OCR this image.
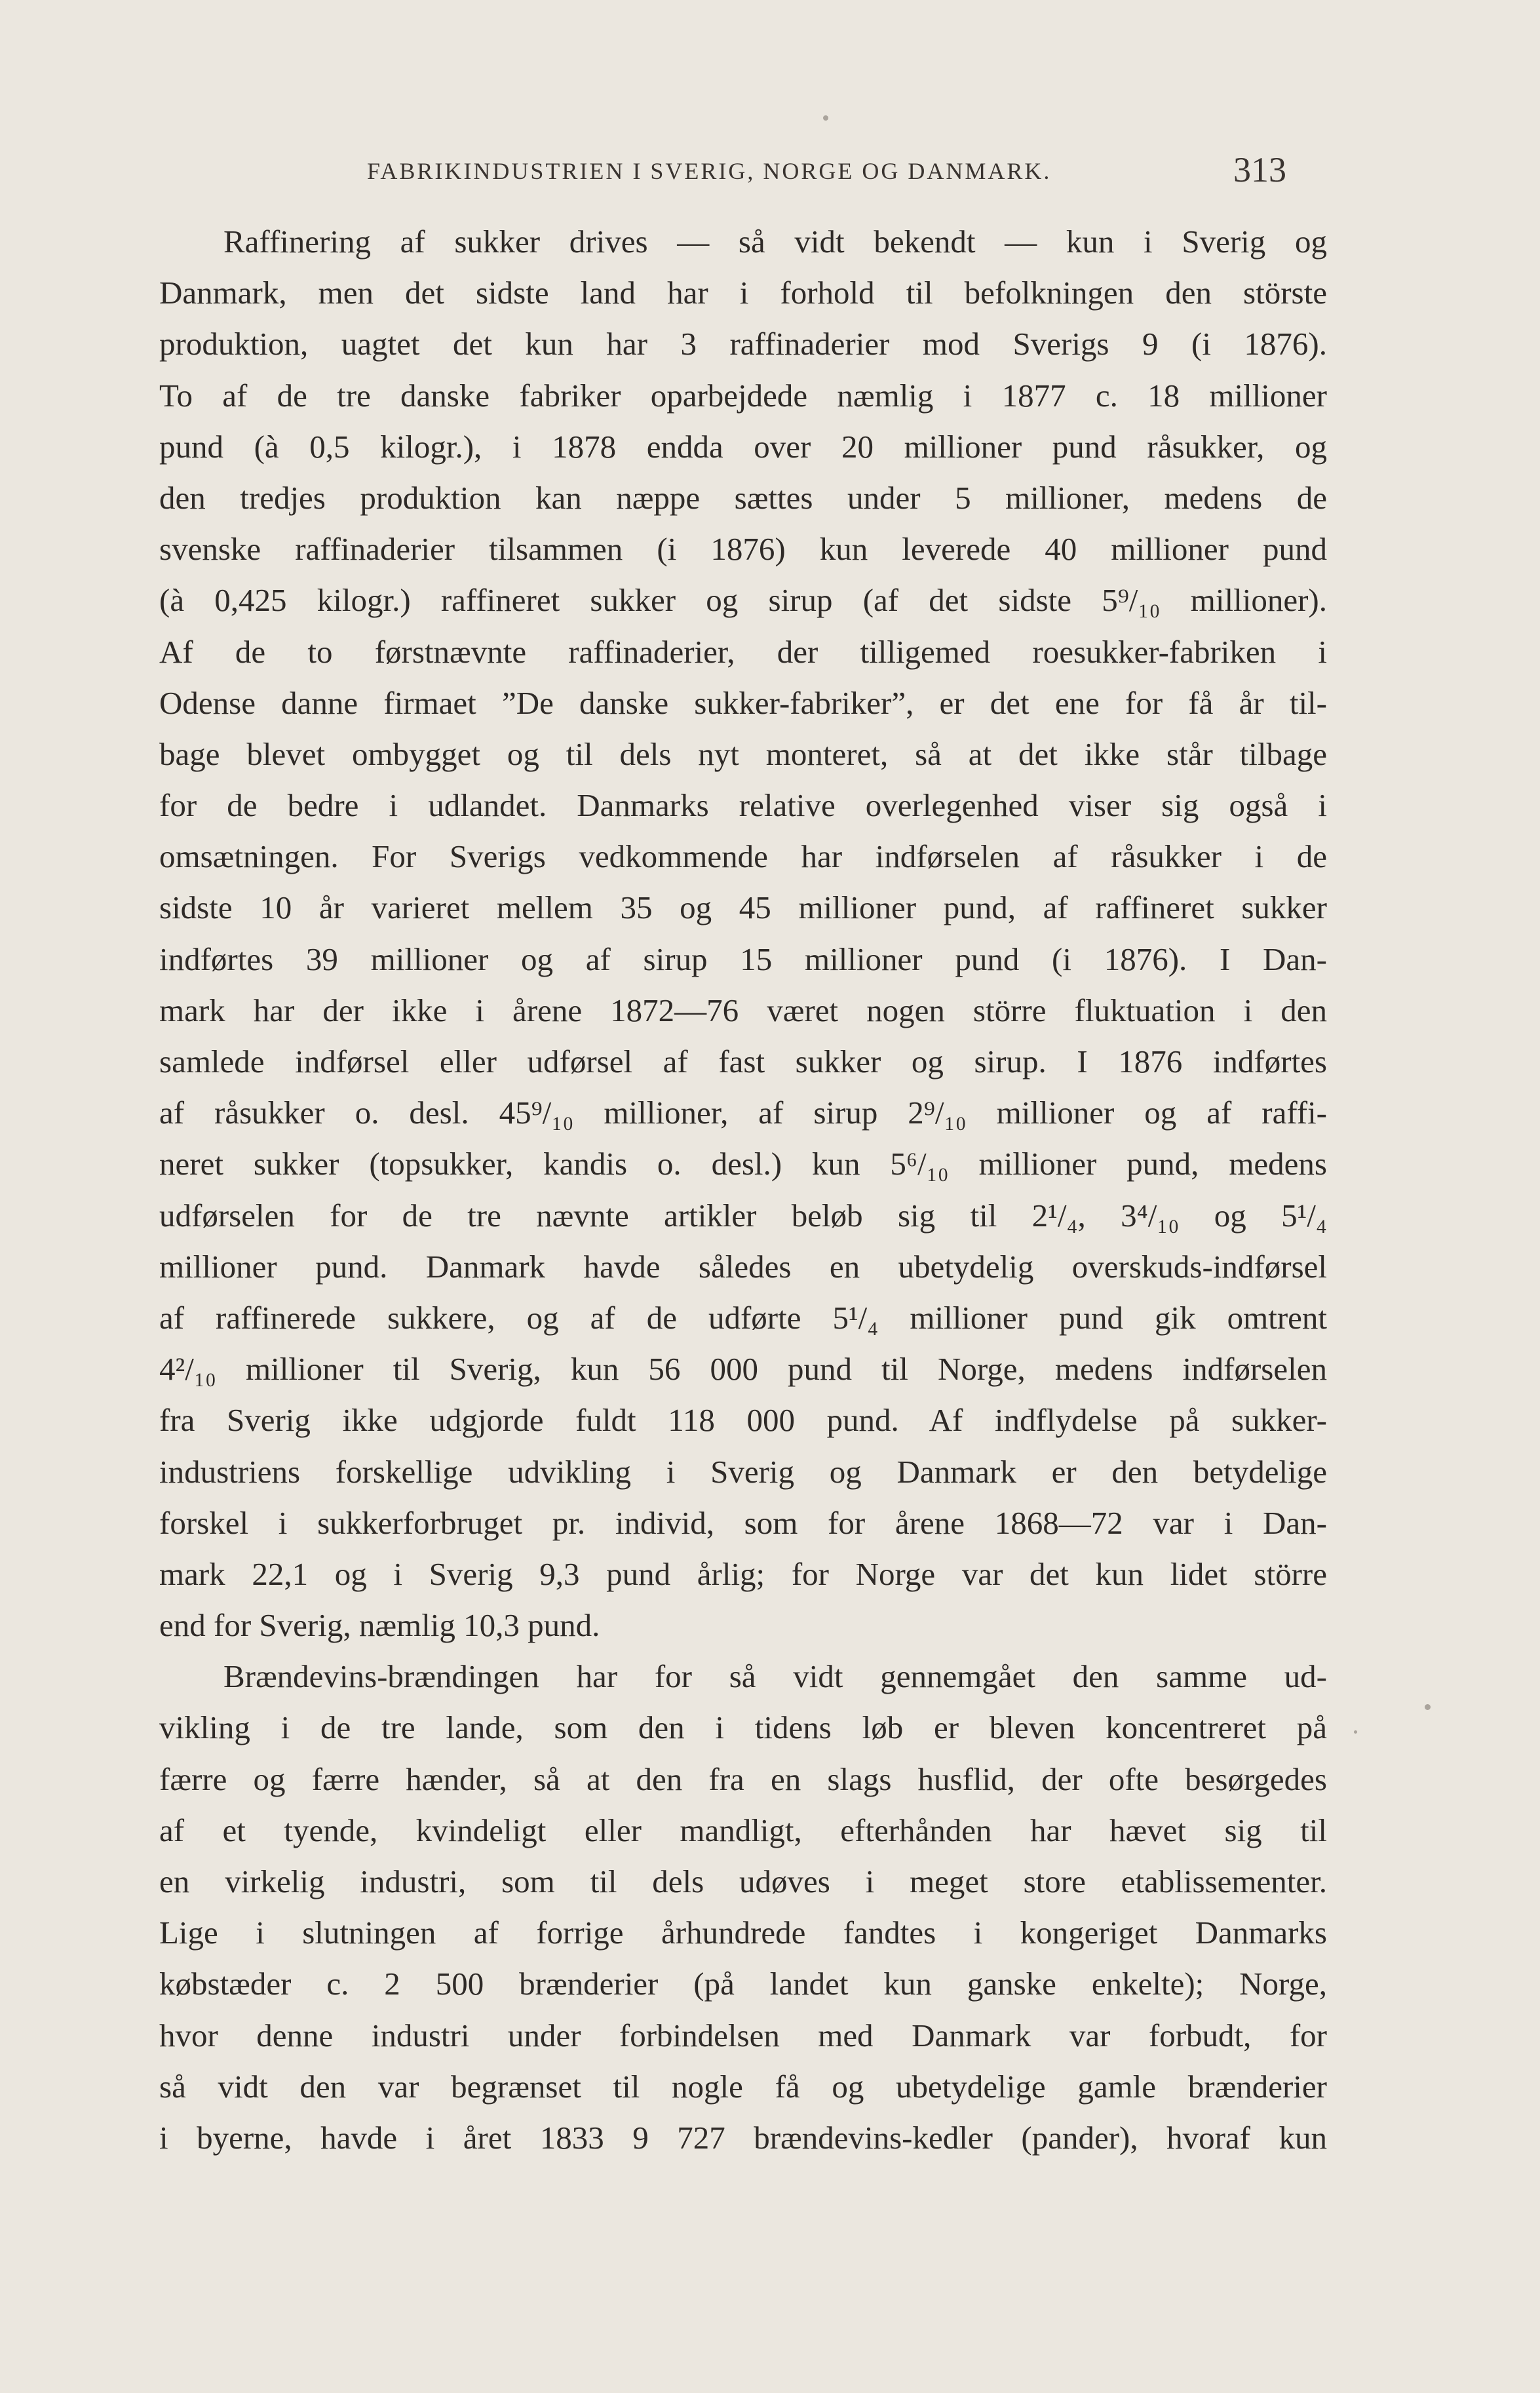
FABRIKINDUSTRIEN I SVERIG, NORGE OG DANMARK.	313
Raffinering af sukker drives — så vidt bekendt — kun i Sverig og
Danmark, men det sidste land har i forhold til befolkningen den störste
produktion, uagtet det kun har 3 raffinaderier mod Sverigs 9 (i 1876).
To af de tre danske fabriker oparbejdede næmlig i 1877 c. 18 millioner
pund (à 0,5 kilogr.), i 1878 endda over 20 millioner pund råsukker, og
den tredjes produktion kan næppe sættes under 5 millioner, medens de
svenske raffinaderier tilsammen (i 1876) kun leverede 40 millioner pund
(à 0,425 kilogr.) raffineret sukker og sirup (af det sidste 5⁹/₁₀ millioner).
Af de to førstnævnte raffinaderier, der tilligemed roesukker-fabriken i
Odense danne firmaet ”De danske sukker-fabriker”, er det ene for få år til-
bage blevet ombygget og til dels nyt monteret, så at det ikke står tilbage
for de bedre i udlandet. Danmarks relative overlegenhed viser sig også i
omsætningen. For Sverigs vedkommende har indførselen af råsukker i de
sidste 10 år varieret mellem 35 og 45 millioner pund, af raffineret sukker
indførtes 39 millioner og af sirup 15 millioner pund (i 1876). I Dan-
mark har der ikke i årene 1872—76 været nogen större fluktuation i den
samlede indførsel eller udførsel af fast sukker og sirup. I 1876 indførtes
af råsukker o. desl. 45⁹/₁₀ millioner, af sirup 2⁹/₁₀ millioner og af raffi-
neret sukker (topsukker, kandis o. desl.) kun 5⁶/₁₀ millioner pund, medens
udførselen for de tre nævnte artikler beløb sig til 2¹/₄, 3⁴/₁₀ og 5¹/₄
millioner pund. Danmark havde således en ubetydelig overskuds-indførsel
af raffinerede sukkere, og af de udførte 5¹/₄ millioner pund gik omtrent
4²/₁₀ millioner til Sverig, kun 56 000 pund til Norge, medens indførselen
fra Sverig ikke udgjorde fuldt 118 000 pund. Af indflydelse på sukker-
industriens forskellige udvikling i Sverig og Danmark er den betydelige
forskel i sukkerforbruget pr. individ, som for årene 1868—72 var i Dan-
mark 22,1 og i Sverig 9,3 pund årlig; for Norge var det kun lidet större
end for Sverig, næmlig 10,3 pund.
Brændevins-brændingen har for så vidt gennemgået den samme ud-
vikling i de tre lande, som den i tidens løb er bleven koncentreret på
færre og færre hænder, så at den fra en slags husflid, der ofte besørgedes
af et tyende, kvindeligt eller mandligt, efterhånden har hævet sig til
en virkelig industri, som til dels udøves i meget store etablissementer.
Lige i slutningen af forrige århundrede fandtes i kongeriget Danmarks
købstæder c. 2 500 brænderier (på landet kun ganske enkelte); Norge,
hvor denne industri under forbindelsen med Danmark var forbudt, for
så vidt den var begrænset til nogle få og ubetydelige gamle brænderier
i byerne, havde i året 1833 9 727 brændevins-kedler (pander), hvoraf kun
